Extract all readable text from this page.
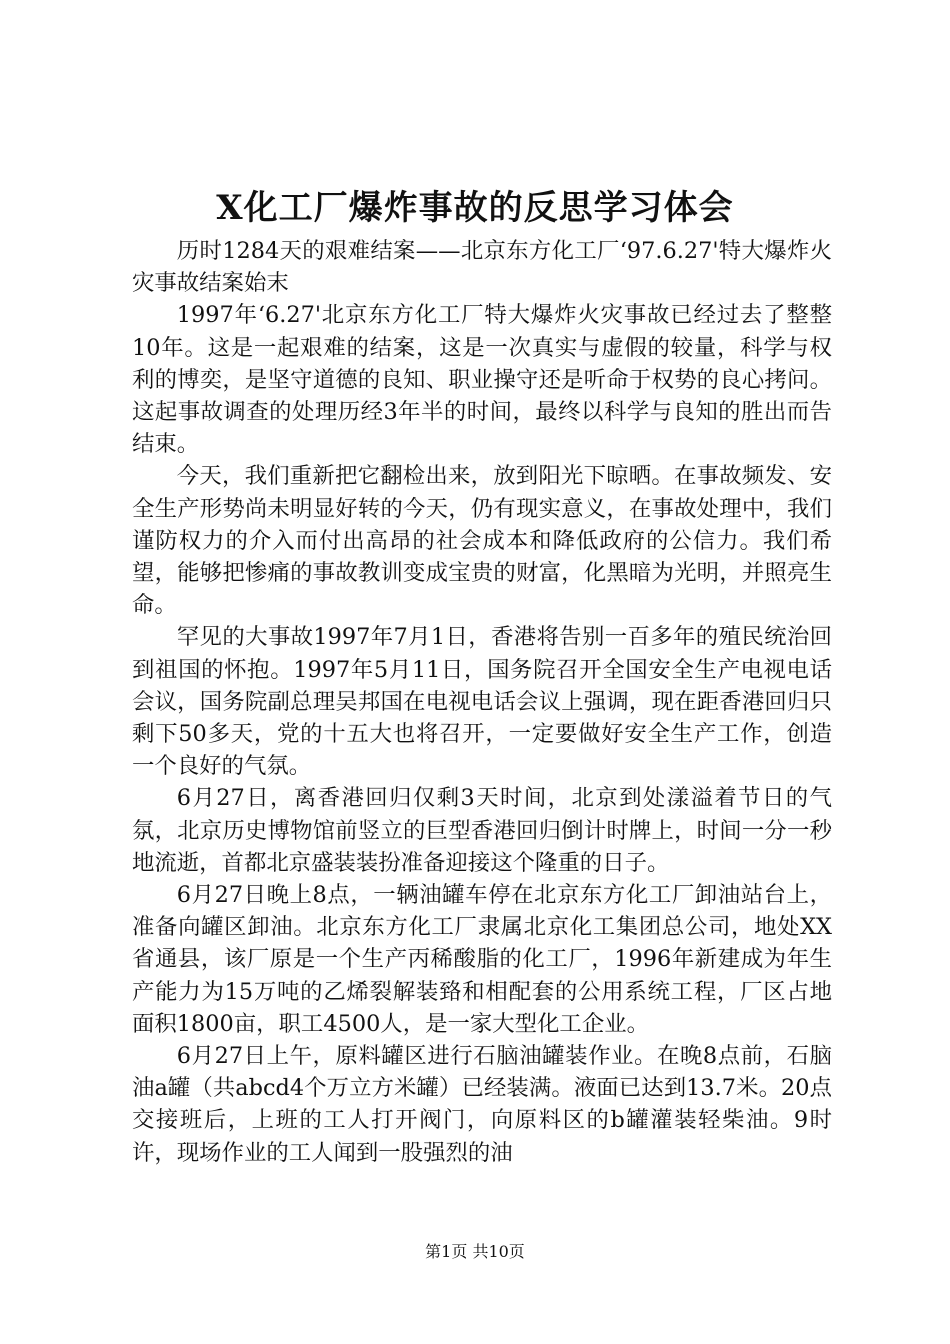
X化工厂爆炸事故的反思学习体会

历时1284天的艰难结案——北京东方化工厂‘97.6.27'特大爆炸火灾事故结案始末

1997年‘6.27'北京东方化工厂特大爆炸火灾事故已经过去了整整10年。这是一起艰难的结案，这是一次真实与虚假的较量，科学与权利的博奕，是坚守道德的良知、职业操守还是听命于权势的良心拷问。这起事故调查的处理历经3年半的时间，最终以科学与良知的胜出而告结束。

今天，我们重新把它翻检出来，放到阳光下晾晒。在事故频发、安全生产形势尚未明显好转的今天，仍有现实意义，在事故处理中，我们谨防权力的介入而付出高昂的社会成本和降低政府的公信力。我们希望，能够把惨痛的事故教训变成宝贵的财富，化黑暗为光明，并照亮生命。

罕见的大事故1997年7月1日，香港将告别一百多年的殖民统治回到祖国的怀抱。1997年5月11日，国务院召开全国安全生产电视电话会议，国务院副总理吴邦国在电视电话会议上强调，现在距香港回归只剩下50多天，党的十五大也将召开，一定要做好安全生产工作，创造一个良好的气氛。

6月27日，离香港回归仅剩3天时间，北京到处漾溢着节日的气氛，北京历史博物馆前竖立的巨型香港回归倒计时牌上，时间一分一秒地流逝，首都北京盛装装扮准备迎接这个隆重的日子。

6月27日晚上8点，一辆油罐车停在北京东方化工厂卸油站台上，准备向罐区卸油。北京东方化工厂隶属北京化工集团总公司，地处XX省通县，该厂原是一个生产丙稀酸脂的化工厂，1996年新建成为年生产能力为15万吨的乙烯裂解装臵和相配套的公用系统工程，厂区占地面积1800亩，职工4500人，是一家大型化工企业。

6月27日上午，原料罐区进行石脑油罐装作业。在晚8点前，石脑油a罐（共abcd4个万立方米罐）已经装满。液面已达到13.7米。20点交接班后，上班的工人打开阀门，向原料区的b罐灌装轻柴油。9时许，现场作业的工人闻到一股强烈的油

第1页 共10页
